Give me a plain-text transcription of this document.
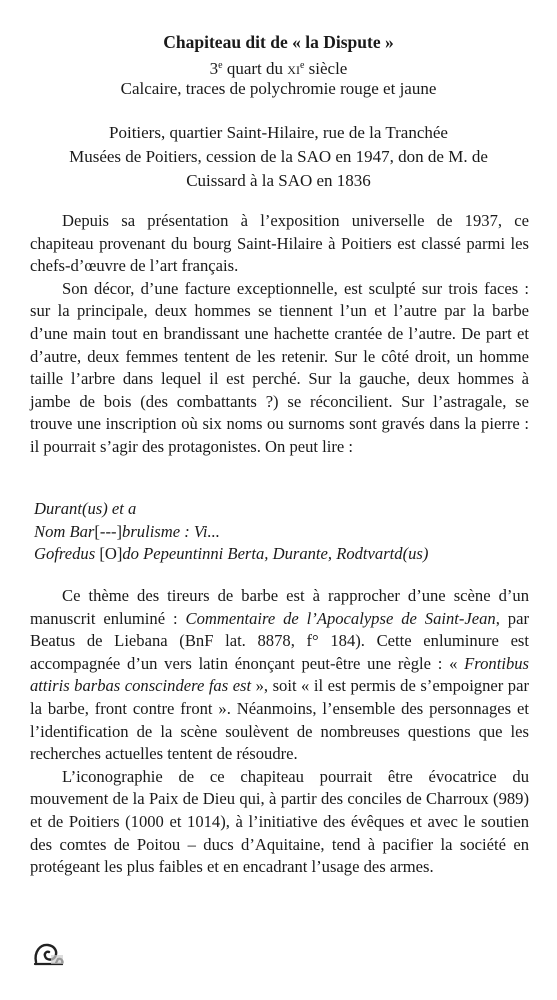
Chapiteau dit de « la Dispute »
3e quart du $xi^e$ siècle
Calcaire, traces de polychromie rouge et jaune
Poitiers, quartier Saint-Hilaire, rue de la Tranchée
Musées de Poitiers, cession de la SAO en 1947, don de M. de
Cuissard à la SAO en 1836

Depuis sa présentation à l’exposition universelle de 1937, ce chapiteau provenant du bourg Saint-Hilaire à Poitiers est classé parmi les chefs-d’œuvre de l’art français.

Son décor, d’une facture exceptionnelle, est sculpté sur trois faces : sur la principale, deux hommes se tiennent l’un et l’autre par la barbe d’une main tout en brandissant une hachette crantée de l’autre. De part et d’autre, deux femmes tentent de les retenir. Sur le côté droit, un homme taille l’arbre dans lequel il est perché. Sur la gauche, deux hommes à jambe de bois (des combattants ?) se réconcilient. Sur l’astragale, se trouve une inscription où six noms ou surnoms sont gravés dans la pierre : il pourrait s’agir des protagonistes. On peut lire :

Durant(us) et a
Nom Bar[---]brulisme : Vi...
Gofredus [O]do Pepeuntinni Berta, Durante, Rodtvartd(us)

Ce thème des tireurs de barbe est à rapprocher d’une scène d’un manuscrit enluminé : Commentaire de l’Apocalypse de Saint-Jean, par Beatus de Liebana (BnF lat. 8878, f° 184). Cette enluminure est accompagnée d’un vers latin énonçant peut-être une règle : « Frontibus attiris barbas conscindere fas est », soit « il est permis de s’empoigner par la barbe, front contre front ». Néanmoins, l’ensemble des personnages et l’identification de la scène soulèvent de nombreuses questions que les recherches actuelles tentent de résoudre.

L’iconographie de ce chapiteau pourrait être évocatrice du mouvement de la Paix de Dieu qui, à partir des conciles de Charroux (989) et de Poitiers (1000 et 1014), à l’initiative des évêques et avec le soutien des comtes de Poitou – ducs d’Aquitaine, tend à pacifier la société en protégeant les plus faibles et en encadrant l’usage des armes.
